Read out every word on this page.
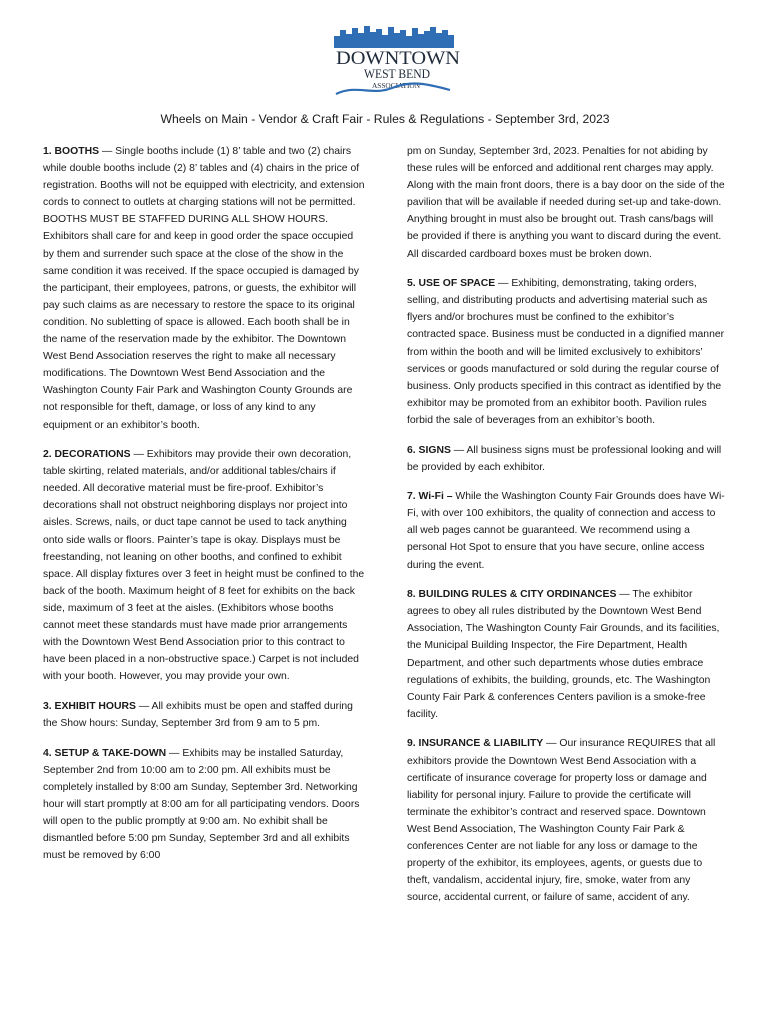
DOWNTOWN
WEST BEND
ASSOCIATION
Wheels on Main - Vendor & Craft Fair - Rules & Regulations - September 3rd, 2023

1. BOOTHS — Single booths include (1) 8’ table and two (2) chairs while double booths include (2) 8’ tables and (4) chairs in the price of registration. Booths will not be equipped with electricity, and extension cords to connect to outlets at charging stations will not be permitted. BOOTHS MUST BE STAFFED DURING ALL SHOW HOURS. Exhibitors shall care for and keep in good order the space occupied by them and surrender such space at the close of the show in the same condition it was received. If the space occupied is damaged by the participant, their employees, patrons, or guests, the exhibitor will pay such claims as are necessary to restore the space to its original condition. No subletting of space is allowed. Each booth shall be in the name of the reservation made by the exhibitor. The Downtown West Bend Association reserves the right to make all necessary modifications. The Downtown West Bend Association and the Washington County Fair Park and Washington County Grounds are not responsible for theft, damage, or loss of any kind to any equipment or an exhibitor’s booth.

2. DECORATIONS — Exhibitors may provide their own decoration, table skirting, related materials, and/or additional tables/chairs if needed. All decorative material must be fire-proof. Exhibitor’s decorations shall not obstruct neighboring displays nor project into aisles. Screws, nails, or duct tape cannot be used to tack anything onto side walls or floors. Painter’s tape is okay. Displays must be freestanding, not leaning on other booths, and confined to exhibit space. All display fixtures over 3 feet in height must be confined to the back of the booth. Maximum height of 8 feet for exhibits on the back side, maximum of 3 feet at the aisles. (Exhibitors whose booths cannot meet these standards must have made prior arrangements with the Downtown West Bend Association prior to this contract to have been placed in a non-obstructive space.) Carpet is not included with your booth. However, you may provide your own.

3. EXHIBIT HOURS — All exhibits must be open and staffed during the Show hours: Sunday, September 3rd from 9 am to 5 pm.

4. SETUP & TAKE-DOWN — Exhibits may be installed Saturday, September 2nd from 10:00 am to 2:00 pm. All exhibits must be completely installed by 8:00 am Sunday, September 3rd. Networking hour will start promptly at 8:00 am for all participating vendors. Doors will open to the public promptly at 9:00 am. No exhibit shall be dismantled before 5:00 pm Sunday, September 3rd and all exhibits must be removed by 6:00

pm on Sunday, September 3rd, 2023. Penalties for not abiding by these rules will be enforced and additional rent charges may apply. Along with the main front doors, there is a bay door on the side of the pavilion that will be available if needed during set-up and take-down. Anything brought in must also be brought out. Trash cans/bags will be provided if there is anything you want to discard during the event. All discarded cardboard boxes must be broken down.

5. USE OF SPACE — Exhibiting, demonstrating, taking orders, selling, and distributing products and advertising material such as flyers and/or brochures must be confined to the exhibitor’s contracted space. Business must be conducted in a dignified manner from within the booth and will be limited exclusively to exhibitors’ services or goods manufactured or sold during the regular course of business. Only products specified in this contract as identified by the exhibitor may be promoted from an exhibitor booth. Pavilion rules forbid the sale of beverages from an exhibitor’s booth.

6. SIGNS — All business signs must be professional looking and will be provided by each exhibitor.

7. Wi-Fi – While the Washington County Fair Grounds does have Wi-Fi, with over 100 exhibitors, the quality of connection and access to all web pages cannot be guaranteed. We recommend using a personal Hot Spot to ensure that you have secure, online access during the event.

8. BUILDING RULES & CITY ORDINANCES — The exhibitor agrees to obey all rules distributed by the Downtown West Bend Association, The Washington County Fair Grounds, and its facilities, the Municipal Building Inspector, the Fire Department, Health Department, and other such departments whose duties embrace regulations of exhibits, the building, grounds, etc. The Washington County Fair Park & conferences Centers pavilion is a smoke-free facility.

9. INSURANCE & LIABILITY — Our insurance REQUIRES that all exhibitors provide the Downtown West Bend Association with a certificate of insurance coverage for property loss or damage and liability for personal injury. Failure to provide the certificate will terminate the exhibitor’s contract and reserved space. Downtown West Bend Association, The Washington County Fair Park & conferences Center are not liable for any loss or damage to the property of the exhibitor, its employees, agents, or guests due to theft, vandalism, accidental injury, fire, smoke, water from any source, accidental current, or failure of same, accident of any.
